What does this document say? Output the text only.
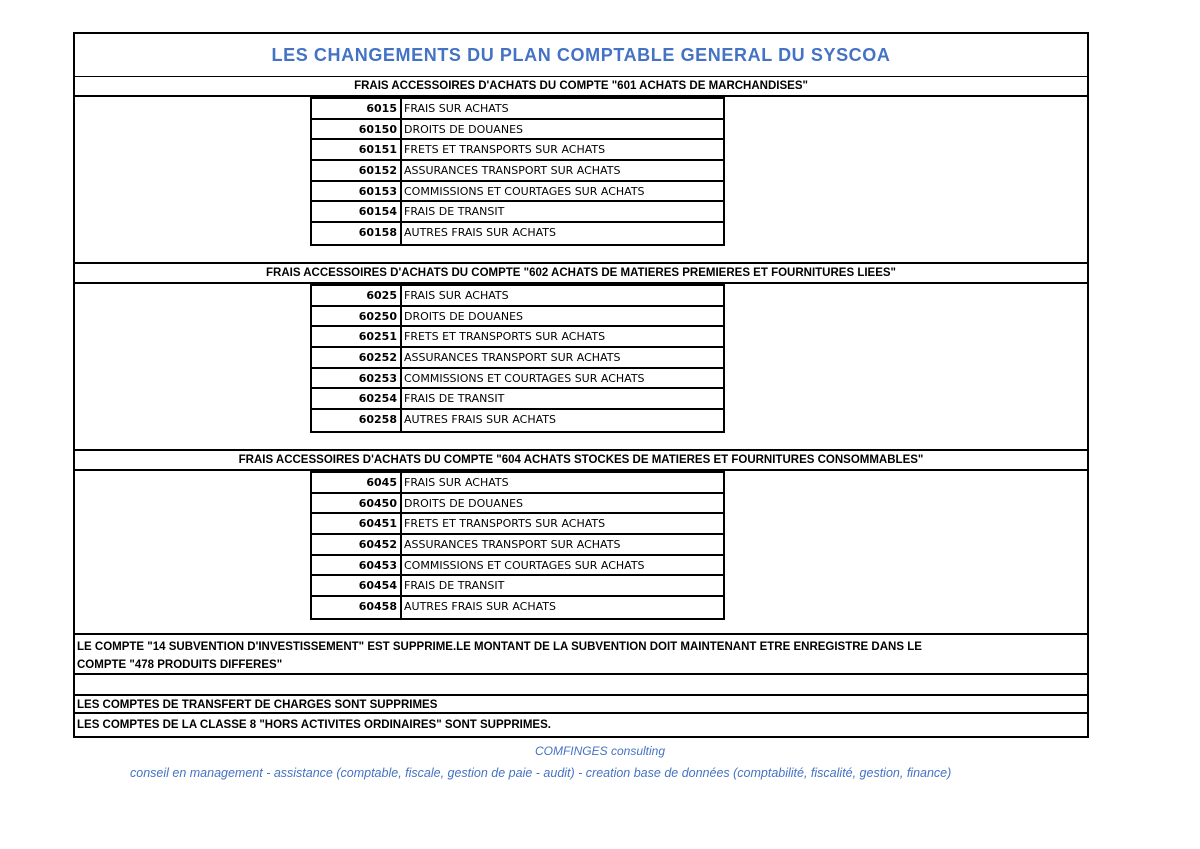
LES CHANGEMENTS DU PLAN COMPTABLE GENERAL DU SYSCOA
FRAIS ACCESSOIRES D'ACHATS DU COMPTE "601 ACHATS DE MARCHANDISES"
6015 FRAIS SUR ACHATS
60150 DROITS DE DOUANES
60151 FRETS ET TRANSPORTS SUR ACHATS
60152 ASSURANCES TRANSPORT SUR ACHATS
60153 COMMISSIONS ET COURTAGES SUR ACHATS
60154 FRAIS DE TRANSIT
60158 AUTRES FRAIS SUR ACHATS
FRAIS ACCESSOIRES D'ACHATS DU COMPTE "602 ACHATS DE MATIERES PREMIERES ET FOURNITURES LIEES"
6025 FRAIS SUR ACHATS
60250 DROITS DE DOUANES
60251 FRETS ET TRANSPORTS SUR ACHATS
60252 ASSURANCES TRANSPORT SUR ACHATS
60253 COMMISSIONS ET COURTAGES SUR ACHATS
60254 FRAIS DE TRANSIT
60258 AUTRES FRAIS SUR ACHATS
FRAIS ACCESSOIRES D'ACHATS DU COMPTE "604 ACHATS STOCKES DE MATIERES ET FOURNITURES CONSOMMABLES"
6045 FRAIS SUR ACHATS
60450 DROITS DE DOUANES
60451 FRETS ET TRANSPORTS SUR ACHATS
60452 ASSURANCES TRANSPORT SUR ACHATS
60453 COMMISSIONS ET COURTAGES SUR ACHATS
60454 FRAIS DE TRANSIT
60458 AUTRES FRAIS SUR ACHATS
LE COMPTE "14 SUBVENTION D'INVESTISSEMENT" EST SUPPRIME.LE MONTANT DE LA SUBVENTION DOIT MAINTENANT ETRE ENREGISTRE DANS LE
COMPTE "478 PRODUITS DIFFERES"
LES COMPTES DE TRANSFERT DE CHARGES SONT SUPPRIMES
LES COMPTES DE LA CLASSE 8 "HORS ACTIVITES ORDINAIRES" SONT SUPPRIMES.
COMFINGES consulting
conseil en management - assistance (comptable, fiscale, gestion de paie - audit) - creation base de données (comptabilité, fiscalité, gestion, finance)
